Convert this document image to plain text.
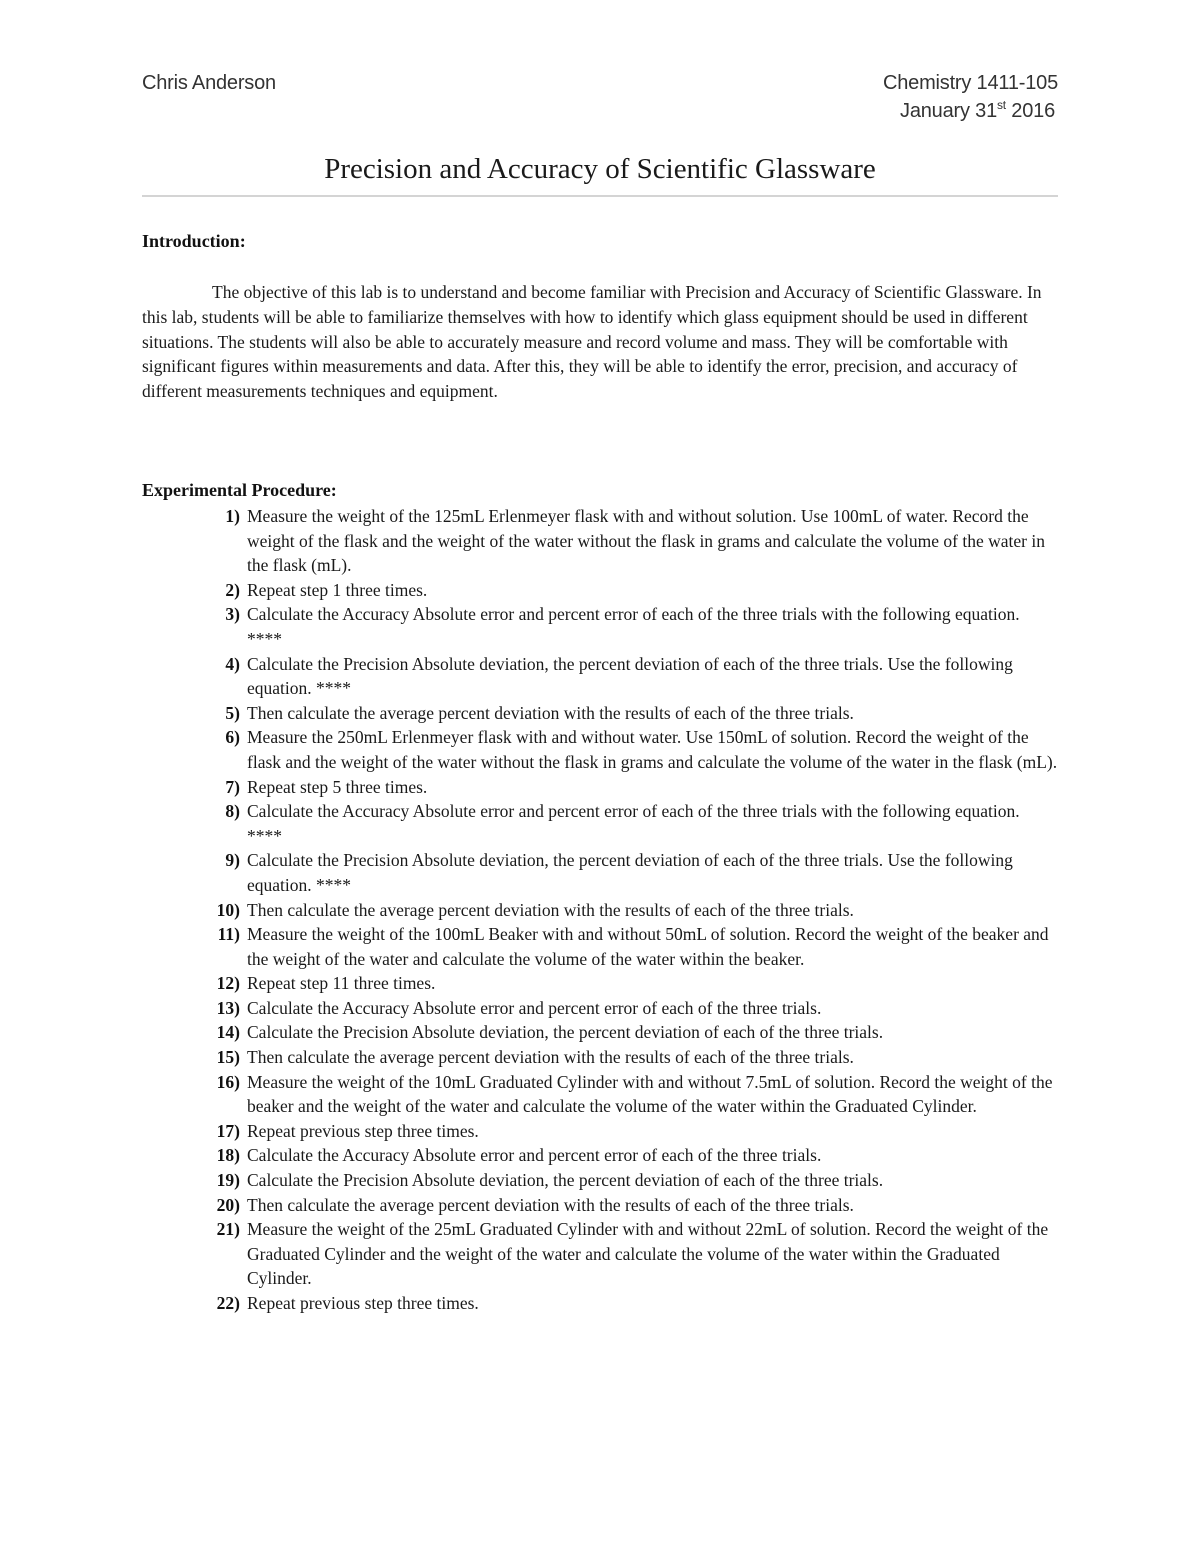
Chris Anderson	Chemistry 1411-105
January 31st 2016
Precision and Accuracy of Scientific Glassware
Introduction:

The objective of this lab is to understand and become familiar with Precision and Accuracy of Scientific Glassware. In this lab, students will be able to familiarize themselves with how to identify which glass equipment should be used in different situations. The students will also be able to accurately measure and record volume and mass. They will be comfortable with significant figures within measurements and data. After this, they will be able to identify the error, precision, and accuracy of different measurements techniques and equipment.

Experimental Procedure:
1) Measure the weight of the 125mL Erlenmeyer flask with and without solution. Use 100mL of water. Record the weight of the flask and the weight of the water without the flask in grams and calculate the volume of the water in the flask (mL).
2) Repeat step 1 three times.
3) Calculate the Accuracy Absolute error and percent error of each of the three trials with the following equation. ****
4) Calculate the Precision Absolute deviation, the percent deviation of each of the three trials. Use the following equation. ****
5) Then calculate the average percent deviation with the results of each of the three trials.
6) Measure the 250mL Erlenmeyer flask with and without water. Use 150mL of solution. Record the weight of the flask and the weight of the water without the flask in grams and calculate the volume of the water in the flask (mL).
7) Repeat step 5 three times.
8) Calculate the Accuracy Absolute error and percent error of each of the three trials with the following equation. ****
9) Calculate the Precision Absolute deviation, the percent deviation of each of the three trials. Use the following equation. ****
10) Then calculate the average percent deviation with the results of each of the three trials.
11) Measure the weight of the 100mL Beaker with and without 50mL of solution. Record the weight of the beaker and the weight of the water and calculate the volume of the water within the beaker.
12) Repeat step 11 three times.
13) Calculate the Accuracy Absolute error and percent error of each of the three trials.
14) Calculate the Precision Absolute deviation, the percent deviation of each of the three trials.
15) Then calculate the average percent deviation with the results of each of the three trials.
16) Measure the weight of the 10mL Graduated Cylinder with and without 7.5mL of solution. Record the weight of the beaker and the weight of the water and calculate the volume of the water within the Graduated Cylinder.
17) Repeat previous step three times.
18) Calculate the Accuracy Absolute error and percent error of each of the three trials.
19) Calculate the Precision Absolute deviation, the percent deviation of each of the three trials.
20) Then calculate the average percent deviation with the results of each of the three trials.
21) Measure the weight of the 25mL Graduated Cylinder with and without 22mL of solution. Record the weight of the Graduated Cylinder and the weight of the water and calculate the volume of the water within the Graduated Cylinder.
22) Repeat previous step three times.
